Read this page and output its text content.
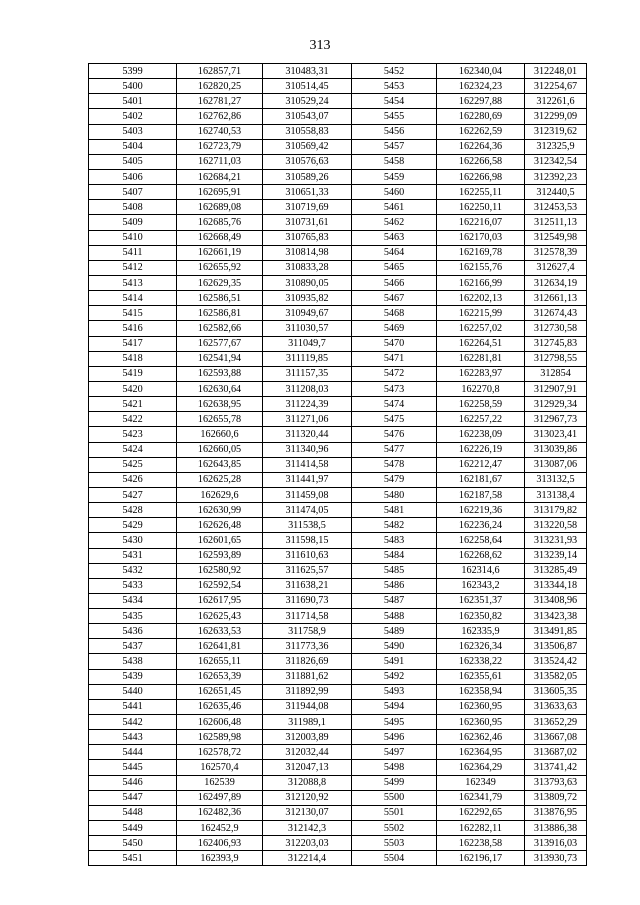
313
5399	162857,71	310483,31	5452	162340,04	312248,01
5400	162820,25	310514,45	5453	162324,23	312254,67
5401	162781,27	310529,24	5454	162297,88	312261,6
5402	162762,86	310543,07	5455	162280,69	312299,09
5403	162740,53	310558,83	5456	162262,59	312319,62
5404	162723,79	310569,42	5457	162264,36	312325,9
5405	162711,03	310576,63	5458	162266,58	312342,54
5406	162684,21	310589,26	5459	162266,98	312392,23
5407	162695,91	310651,33	5460	162255,11	312440,5
5408	162689,08	310719,69	5461	162250,11	312453,53
5409	162685,76	310731,61	5462	162216,07	312511,13
5410	162668,49	310765,83	5463	162170,03	312549,98
5411	162661,19	310814,98	5464	162169,78	312578,39
5412	162655,92	310833,28	5465	162155,76	312627,4
5413	162629,35	310890,05	5466	162166,99	312634,19
5414	162586,51	310935,82	5467	162202,13	312661,13
5415	162586,81	310949,67	5468	162215,99	312674,43
5416	162582,66	311030,57	5469	162257,02	312730,58
5417	162577,67	311049,7	5470	162264,51	312745,83
5418	162541,94	311119,85	5471	162281,81	312798,55
5419	162593,88	311157,35	5472	162283,97	312854
5420	162630,64	311208,03	5473	162270,8	312907,91
5421	162638,95	311224,39	5474	162258,59	312929,34
5422	162655,78	311271,06	5475	162257,22	312967,73
5423	162660,6	311320,44	5476	162238,09	313023,41
5424	162660,05	311340,96	5477	162226,19	313039,86
5425	162643,85	311414,58	5478	162212,47	313087,06
5426	162625,28	311441,97	5479	162181,67	313132,5
5427	162629,6	311459,08	5480	162187,58	313138,4
5428	162630,99	311474,05	5481	162219,36	313179,82
5429	162626,48	311538,5	5482	162236,24	313220,58
5430	162601,65	311598,15	5483	162258,64	313231,93
5431	162593,89	311610,63	5484	162268,62	313239,14
5432	162580,92	311625,57	5485	162314,6	313285,49
5433	162592,54	311638,21	5486	162343,2	313344,18
5434	162617,95	311690,73	5487	162351,37	313408,96
5435	162625,43	311714,58	5488	162350,82	313423,38
5436	162633,53	311758,9	5489	162335,9	313491,85
5437	162641,81	311773,36	5490	162326,34	313506,87
5438	162655,11	311826,69	5491	162338,22	313524,42
5439	162653,39	311881,62	5492	162355,61	313582,05
5440	162651,45	311892,99	5493	162358,94	313605,35
5441	162635,46	311944,08	5494	162360,95	313633,63
5442	162606,48	311989,1	5495	162360,95	313652,29
5443	162589,98	312003,89	5496	162362,46	313667,08
5444	162578,72	312032,44	5497	162364,95	313687,02
5445	162570,4	312047,13	5498	162364,29	313741,42
5446	162539	312088,8	5499	162349	313793,63
5447	162497,89	312120,92	5500	162341,79	313809,72
5448	162482,36	312130,07	5501	162292,65	313876,95
5449	162452,9	312142,3	5502	162282,11	313886,38
5450	162406,93	312203,03	5503	162238,58	313916,03
5451	162393,9	312214,4	5504	162196,17	313930,73
